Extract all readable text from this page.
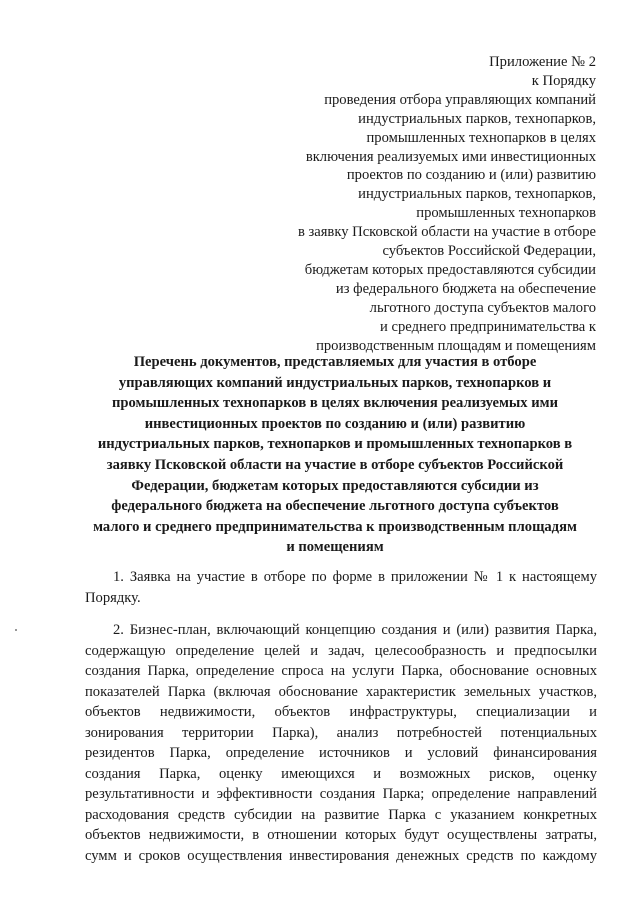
Приложение № 2
к Порядку
проведения отбора управляющих компаний
индустриальных парков, технопарков,
промышленных технопарков в целях
включения реализуемых ими инвестиционных
проектов по созданию и (или) развитию
индустриальных парков, технопарков,
промышленных технопарков
в заявку Псковской области на участие в отборе
субъектов Российской Федерации,
бюджетам которых предоставляются субсидии
из федерального бюджета на обеспечение
льготного доступа субъектов малого
и среднего предпринимательства к
производственным площадям и помещениям
Перечень документов, представляемых для участия в отборе
управляющих компаний индустриальных парков, технопарков и
промышленных технопарков в целях включения реализуемых ими
инвестиционных проектов по созданию и (или) развитию
индустриальных парков, технопарков и промышленных технопарков в
заявку Псковской области на участие в отборе субъектов Российской
Федерации, бюджетам которых предоставляются субсидии из
федерального бюджета на обеспечение льготного доступа субъектов
малого и среднего предпринимательства к производственным площадям
и помещениям
1. Заявка на участие в отборе по форме в приложении № 1 к настоящему
Порядку.
2. Бизнес-план, включающий концепцию создания и (или) развития Парка,
содержащую определение целей и задач, целесообразность и предпосылки
создания Парка, определение спроса на услуги Парка, обоснование основных
показателей Парка (включая обоснование характеристик земельных участков,
объектов недвижимости, объектов инфраструктуры, специализации и
зонирования территории Парка), анализ потребностей потенциальных
резидентов Парка, определение источников и условий финансирования
создания Парка, оценку имеющихся и возможных рисков, оценку
результативности и эффективности создания Парка; определение направлений
расходования средств субсидии на развитие Парка с указанием конкретных
объектов недвижимости, в отношении которых будут осуществлены затраты,
сумм и сроков осуществления инвестирования денежных средств по каждому
